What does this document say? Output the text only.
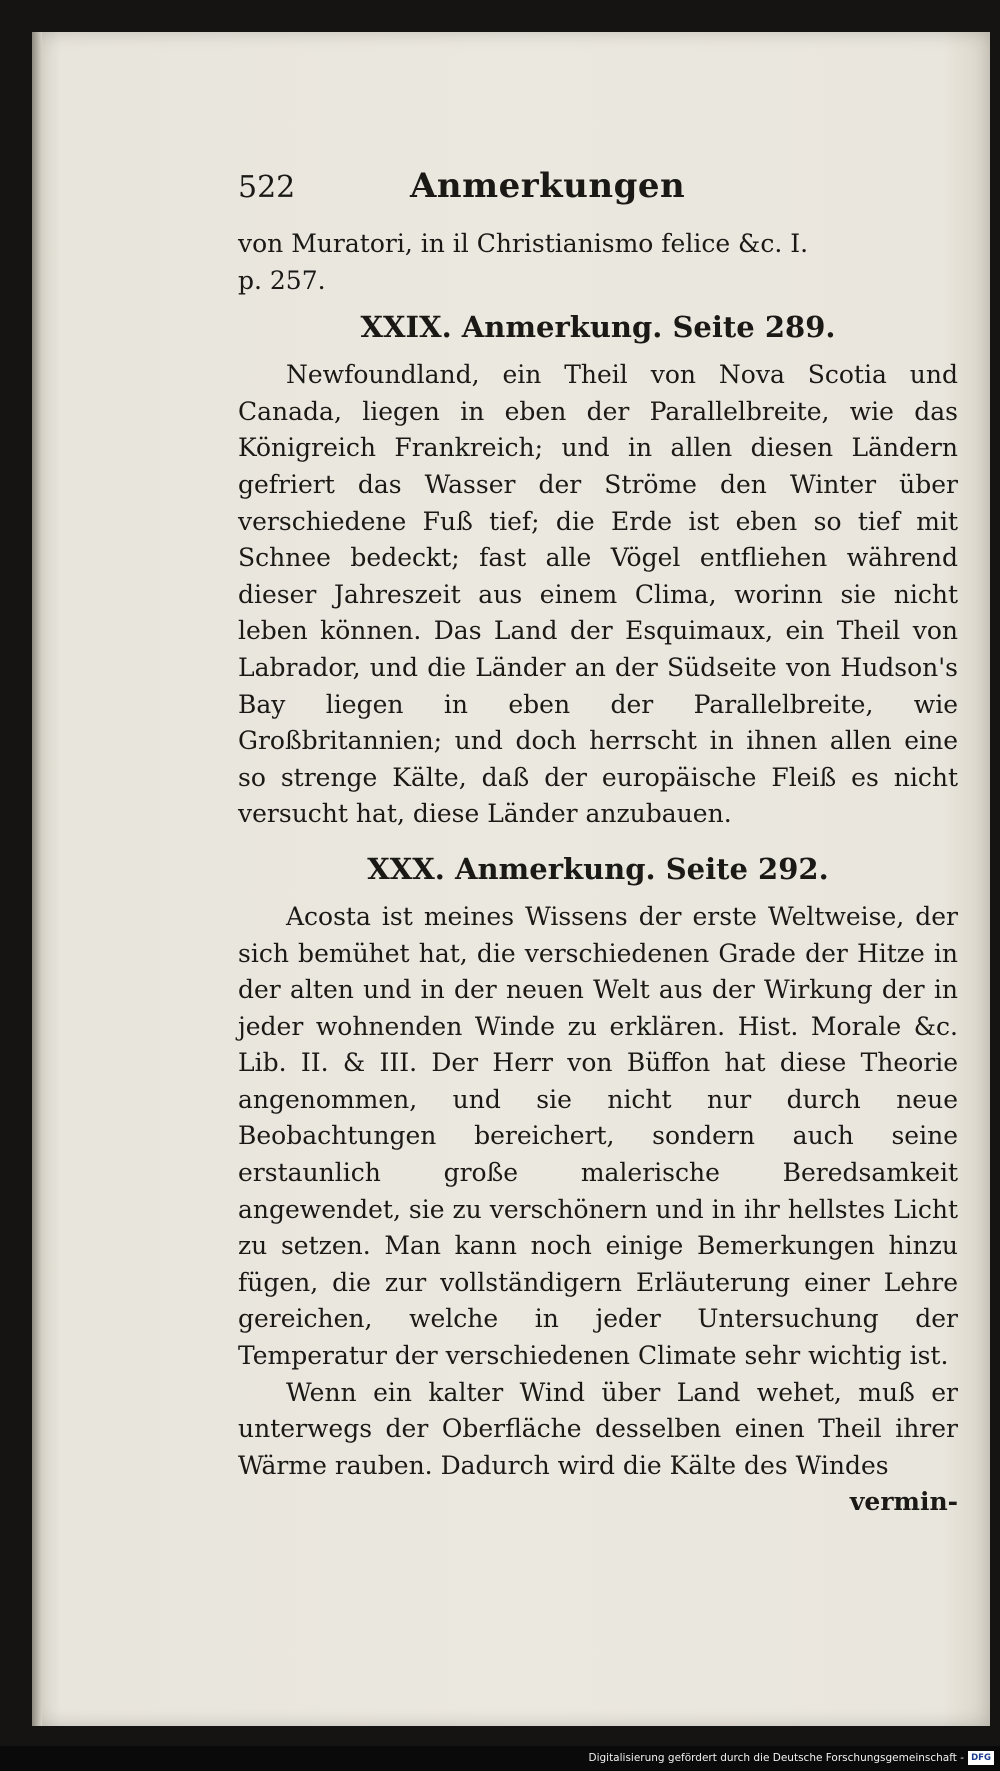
522	Anmerkungen

von Muratori, in il Christianismo felice &c. I.

p. 257.

XXIX. Anmerkung. Seite 289.

Newfoundland, ein Theil von Nova Scotia und Canada, liegen in eben der Parallelbreite, wie das Königreich Frankreich; und in allen diesen Ländern gefriert das Wasser der Ströme den Winter über verschiedene Fuß tief; die Erde ist eben so tief mit Schnee bedeckt; fast alle Vögel entfliehen während dieser Jahreszeit aus einem Clima, worinn sie nicht leben können. Das Land der Esquimaux, ein Theil von Labrador, und die Länder an der Südseite von Hudson's Bay liegen in eben der Parallelbreite, wie Großbritannien; und doch herrscht in ihnen allen eine so strenge Kälte, daß der europäische Fleiß es nicht versucht hat, diese Länder anzubauen.

XXX. Anmerkung. Seite 292.

Acosta ist meines Wissens der erste Weltweise, der sich bemühet hat, die verschiedenen Grade der Hitze in der alten und in der neuen Welt aus der Wirkung der in jeder wohnenden Winde zu erklären. Hist. Morale &c. Lib. II. & III. Der Herr von Büffon hat diese Theorie angenommen, und sie nicht nur durch neue Beobachtungen bereichert, sondern auch seine erstaunlich große malerische Beredsamkeit angewendet, sie zu verschönern und in ihr hellstes Licht zu setzen. Man kann noch einige Bemerkungen hinzu fügen, die zur vollständigern Erläuterung einer Lehre gereichen, welche in jeder Untersuchung der Temperatur der verschiedenen Climate sehr wichtig ist.

Wenn ein kalter Wind über Land wehet, muß er unterwegs der Oberfläche desselben einen Theil ihrer Wärme rauben. Dadurch wird die Kälte des Windes

vermin-
Digitalisierung gefördert durch die Deutsche Forschungsgemeinschaft - DFG
